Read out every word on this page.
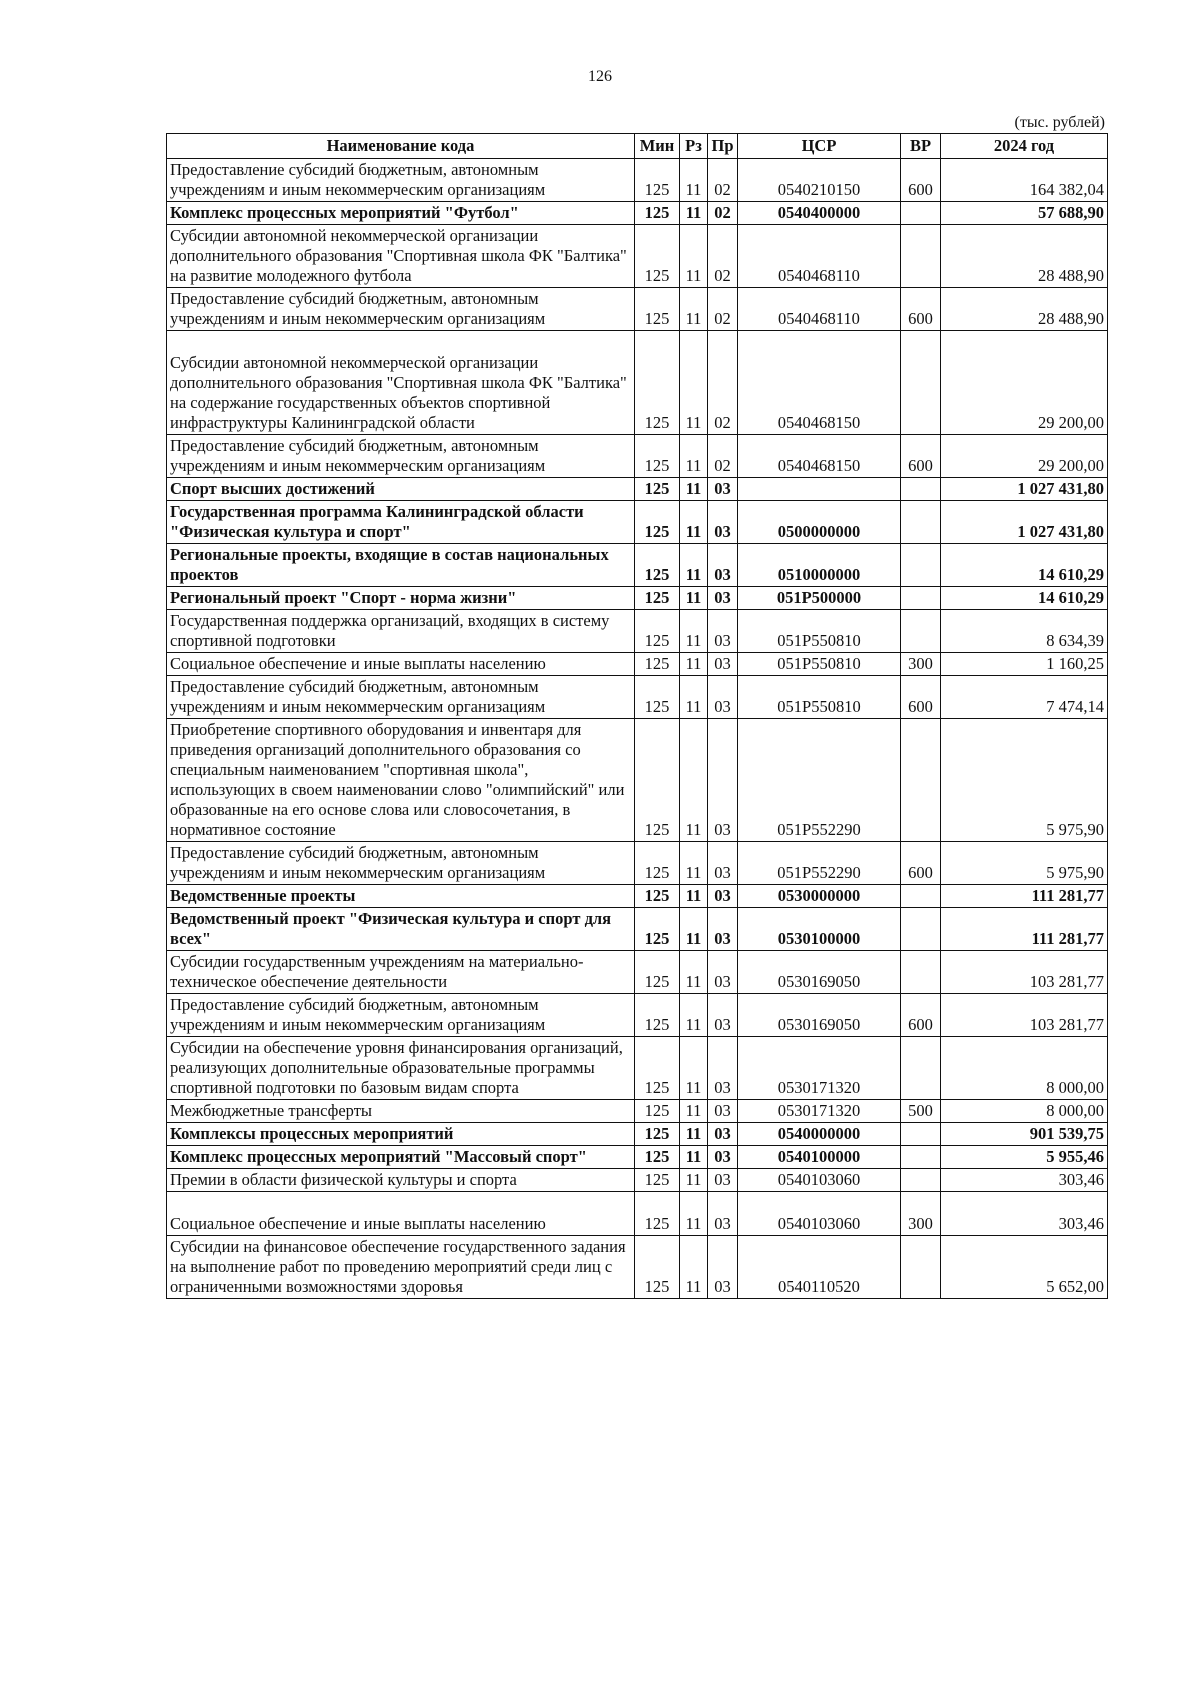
126
(тыс. рублей)
Наименование кода	Мин	Рз	Пр	ЦСР	ВР	2024 год
Предоставление субсидий бюджетным, автономным учреждениям и иным некоммерческим организациям	125	11	02	0540210150	600	164 382,04
Комплекс процессных мероприятий "Футбол"	125	11	02	0540400000		57 688,90
Субсидии автономной некоммерческой организации дополнительного образования "Спортивная школа ФК "Балтика" на развитие молодежного футбола	125	11	02	0540468110		28 488,90
Предоставление субсидий бюджетным, автономным учреждениям и иным некоммерческим организациям	125	11	02	0540468110	600	28 488,90
Субсидии автономной некоммерческой организации дополнительного образования "Спортивная школа ФК "Балтика" на содержание государственных объектов спортивной инфраструктуры Калининградской области	125	11	02	0540468150		29 200,00
Предоставление субсидий бюджетным, автономным учреждениям и иным некоммерческим организациям	125	11	02	0540468150	600	29 200,00
Спорт высших достижений	125	11	03			1 027 431,80
Государственная программа Калининградской области "Физическая культура и спорт"	125	11	03	0500000000		1 027 431,80
Региональные проекты, входящие в состав национальных проектов	125	11	03	0510000000		14 610,29
Региональный проект "Спорт - норма жизни"	125	11	03	051P500000		14 610,29
Государственная поддержка организаций, входящих в систему спортивной подготовки	125	11	03	051P550810		8 634,39
Социальное обеспечение и иные выплаты населению	125	11	03	051P550810	300	1 160,25
Предоставление субсидий бюджетным, автономным учреждениям и иным некоммерческим организациям	125	11	03	051P550810	600	7 474,14
Приобретение спортивного оборудования и инвентаря для приведения организаций дополнительного образования со специальным наименованием "спортивная школа", использующих в своем наименовании слово "олимпийский" или образованные на его основе слова или словосочетания, в нормативное состояние	125	11	03	051P552290		5 975,90
Предоставление субсидий бюджетным, автономным учреждениям и иным некоммерческим организациям	125	11	03	051P552290	600	5 975,90
Ведомственные проекты	125	11	03	0530000000		111 281,77
Ведомственный проект "Физическая культура и спорт для всех"	125	11	03	0530100000		111 281,77
Субсидии государственным учреждениям на материально-техническое обеспечение деятельности	125	11	03	0530169050		103 281,77
Предоставление субсидий бюджетным, автономным учреждениям и иным некоммерческим организациям	125	11	03	0530169050	600	103 281,77
Субсидии на обеспечение уровня финансирования организаций, реализующих дополнительные образовательные программы спортивной подготовки по базовым видам спорта	125	11	03	0530171320		8 000,00
Межбюджетные трансферты	125	11	03	0530171320	500	8 000,00
Комплексы процессных мероприятий	125	11	03	0540000000		901 539,75
Комплекс процессных мероприятий "Массовый спорт"	125	11	03	0540100000		5 955,46
Премии в области физической культуры и спорта	125	11	03	0540103060		303,46
Социальное обеспечение и иные выплаты населению	125	11	03	0540103060	300	303,46
Субсидии на финансовое обеспечение государственного задания на выполнение работ по проведению мероприятий среди лиц с ограниченными возможностями здоровья	125	11	03	0540110520		5 652,00
